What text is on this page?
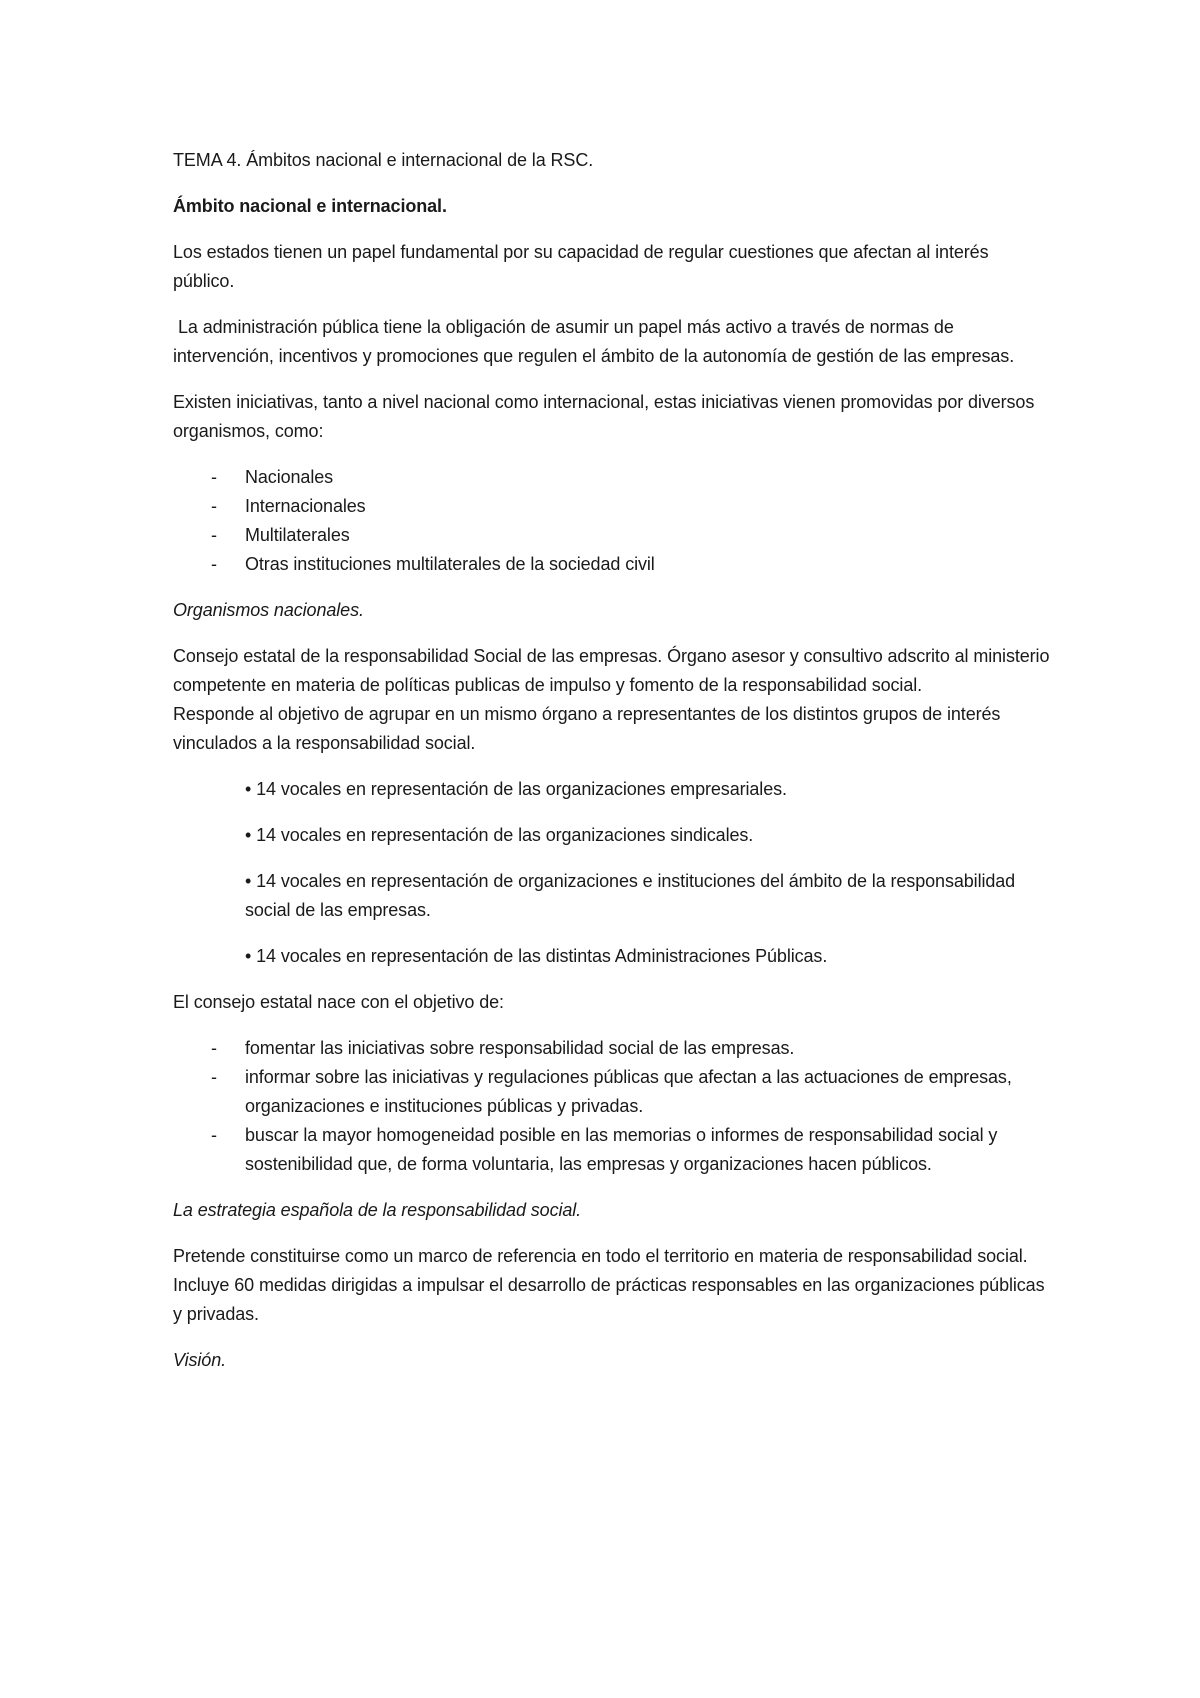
TEMA 4. Ámbitos nacional e internacional de la RSC.

Ámbito nacional e internacional.

Los estados tienen un papel fundamental por su capacidad de regular cuestiones que afectan al interés público.

La administración pública tiene la obligación de asumir un papel más activo a través de normas de intervención, incentivos y promociones que regulen el ámbito de la autonomía de gestión de las empresas.

Existen iniciativas, tanto a nivel nacional como internacional, estas iniciativas vienen promovidas por diversos organismos, como:

- Nacionales
- Internacionales
- Multilaterales
- Otras instituciones multilaterales de la sociedad civil

Organismos nacionales.

Consejo estatal de la responsabilidad Social de las empresas. Órgano asesor y consultivo adscrito al ministerio competente en materia de políticas publicas de impulso y fomento de la responsabilidad social.

Responde al objetivo de agrupar en un mismo órgano a representantes de los distintos grupos de interés vinculados a la responsabilidad social.

• 14 vocales en representación de las organizaciones empresariales.
• 14 vocales en representación de las organizaciones sindicales.
• 14 vocales en representación de organizaciones e instituciones del ámbito de la responsabilidad social de las empresas.
• 14 vocales en representación de las distintas Administraciones Públicas.

El consejo estatal nace con el objetivo de:

- fomentar las iniciativas sobre responsabilidad social de las empresas.
- informar sobre las iniciativas y regulaciones públicas que afectan a las actuaciones de empresas, organizaciones e instituciones públicas y privadas.
- buscar la mayor homogeneidad posible en las memorias o informes de responsabilidad social y sostenibilidad que, de forma voluntaria, las empresas y organizaciones hacen públicos.

La estrategia española de la responsabilidad social.

Pretende constituirse como un marco de referencia en todo el territorio en materia de responsabilidad social. Incluye 60 medidas dirigidas a impulsar el desarrollo de prácticas responsables en las organizaciones públicas y privadas.

Visión.
